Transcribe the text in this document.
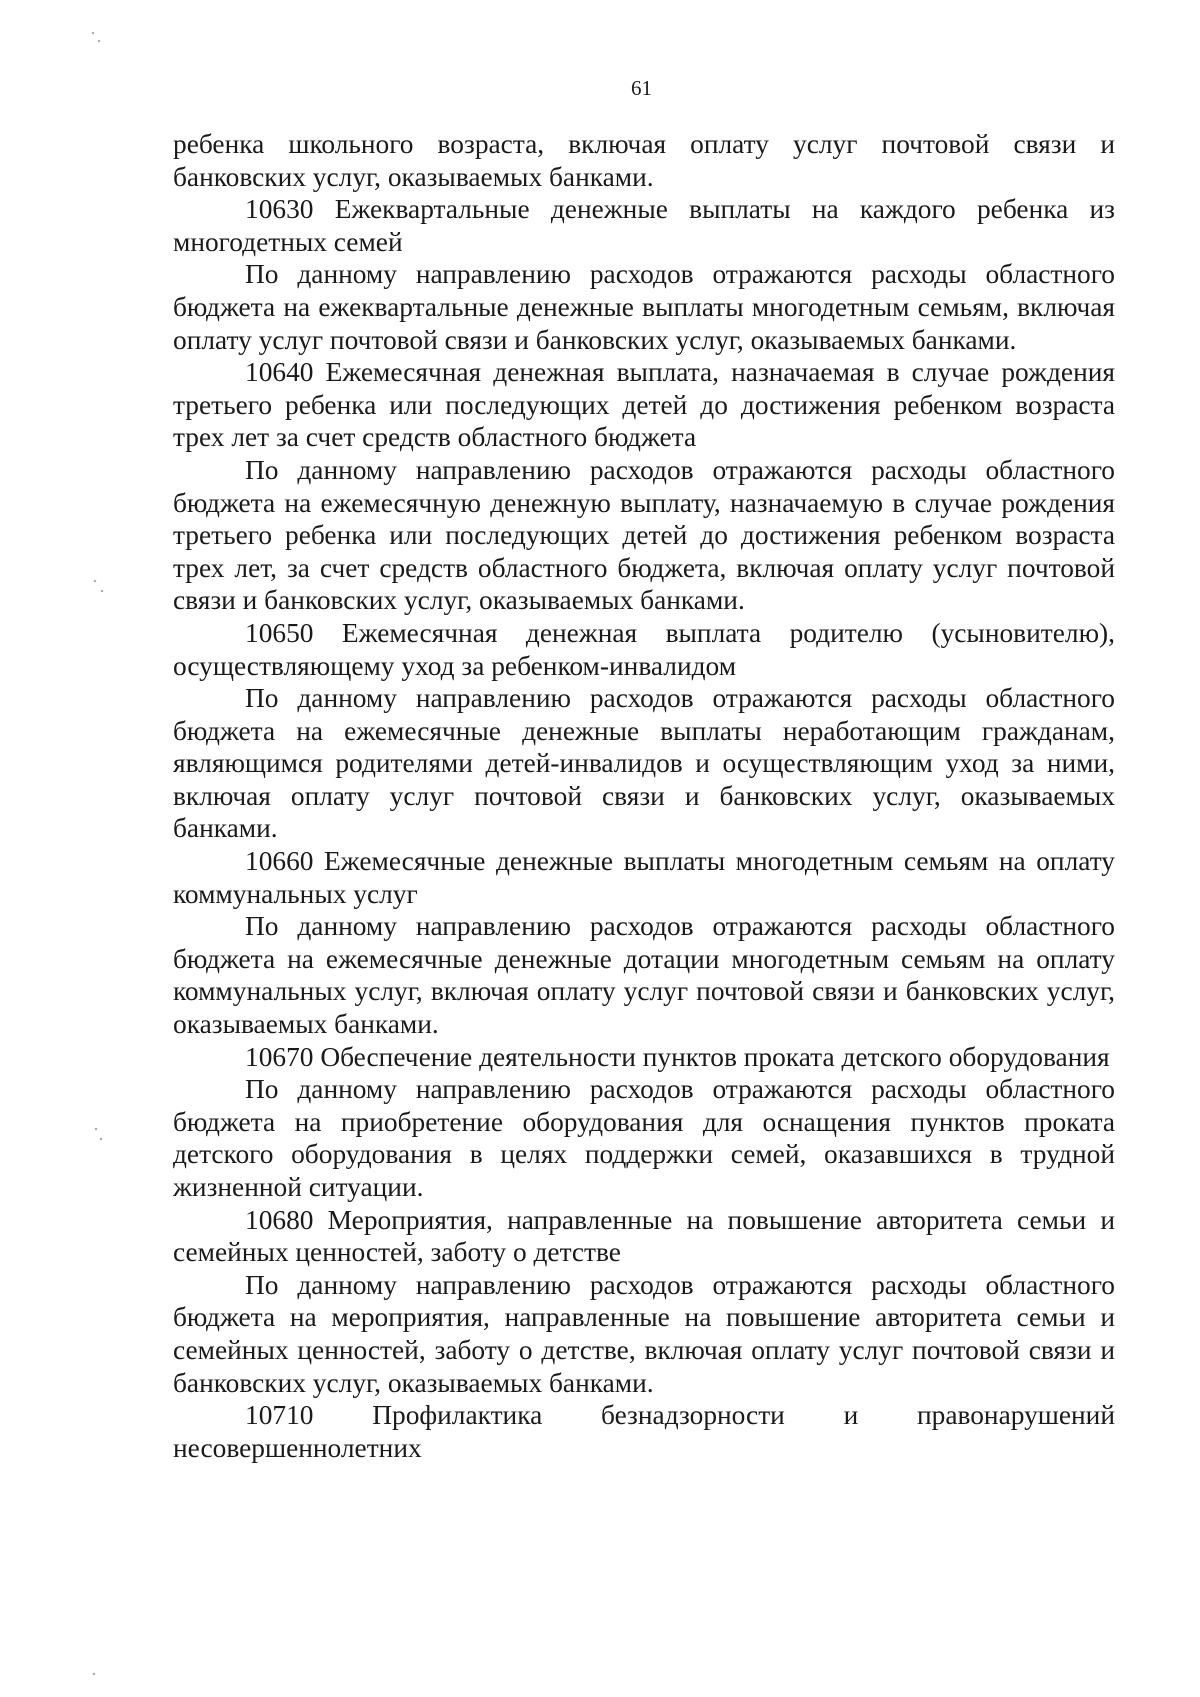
61

ребенка школьного возраста, включая оплату услуг почтовой связи и банковских услуг, оказываемых банками.

10630 Ежеквартальные денежные выплаты на каждого ребенка из многодетных семей

По данному направлению расходов отражаются расходы областного бюджета на ежеквартальные денежные выплаты многодетным семьям, включая оплату услуг почтовой связи и банковских услуг, оказываемых банками.

10640 Ежемесячная денежная выплата, назначаемая в случае рождения третьего ребенка или последующих детей до достижения ребенком возраста трех лет за счет средств областного бюджета

По данному направлению расходов отражаются расходы областного бюджета на ежемесячную денежную выплату, назначаемую в случае рождения третьего ребенка или последующих детей до достижения ребенком возраста трех лет, за счет средств областного бюджета, включая оплату услуг почтовой связи и банковских услуг, оказываемых банками.

10650 Ежемесячная денежная выплата родителю (усыновителю), осуществляющему уход за ребенком-инвалидом

По данному направлению расходов отражаются расходы областного бюджета на ежемесячные денежные выплаты неработающим гражданам, являющимся родителями детей-инвалидов и осуществляющим уход за ними, включая оплату услуг почтовой связи и банковских услуг, оказываемых банками.

10660 Ежемесячные денежные выплаты многодетным семьям на оплату коммунальных услуг

По данному направлению расходов отражаются расходы областного бюджета на ежемесячные денежные дотации многодетным семьям на оплату коммунальных услуг, включая оплату услуг почтовой связи и банковских услуг, оказываемых банками.

10670 Обеспечение деятельности пунктов проката детского оборудования

По данному направлению расходов отражаются расходы областного бюджета на приобретение оборудования для оснащения пунктов проката детского оборудования в целях поддержки семей, оказавшихся в трудной жизненной ситуации.

10680 Мероприятия, направленные на повышение авторитета семьи и семейных ценностей, заботу о детстве

По данному направлению расходов отражаются расходы областного бюджета на мероприятия, направленные на повышение авторитета семьи и семейных ценностей, заботу о детстве, включая оплату услуг почтовой связи и банковских услуг, оказываемых банками.

10710 Профилактика безнадзорности и правонарушений несовершеннолетних
